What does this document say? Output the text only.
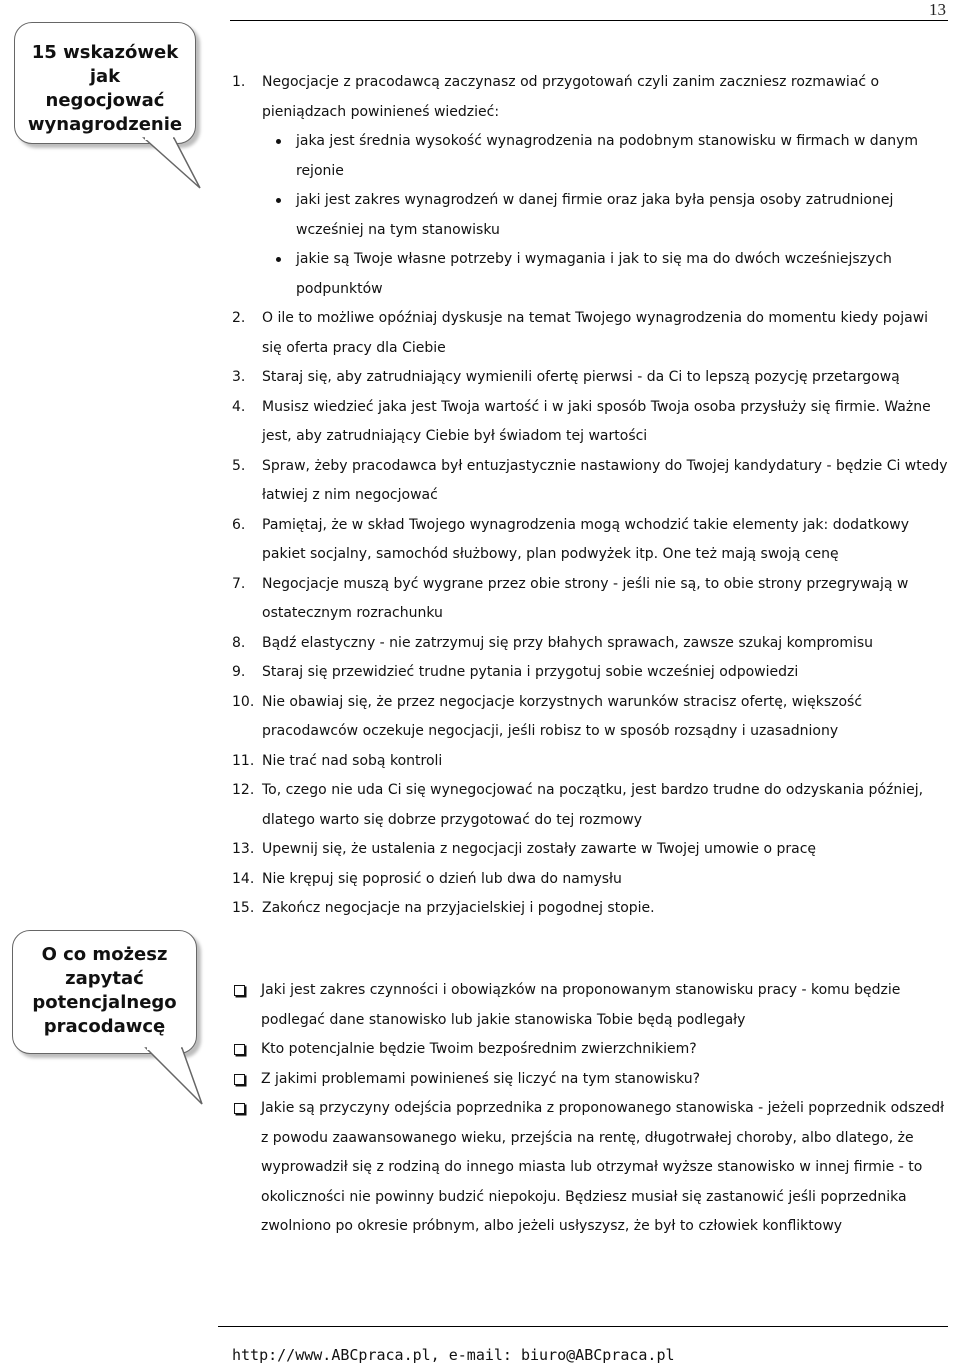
13
15 wskazówek
jak
negocjować
wynagrodzenie
O co możesz
zapytać
potencjalnego
pracodawcę
1. Negocjacje z pracodawcą zaczynasz od przygotowań czyli zanim zaczniesz rozmawiać o pieniądzach powinieneś wiedzieć:
jaka jest średnia wysokość wynagrodzenia na podobnym stanowisku w firmach w danym rejonie
jaki jest zakres wynagrodzeń w danej firmie oraz jaka była pensja osoby zatrudnionej wcześniej na tym stanowisku
jakie są Twoje własne potrzeby i wymagania i jak to się ma do dwóch wcześniejszych podpunktów
2. O ile to możliwe opóźniaj dyskusje na temat Twojego wynagrodzenia do momentu kiedy pojawi się oferta pracy dla Ciebie
3. Staraj się, aby zatrudniający wymienili ofertę pierwsi - da Ci to lepszą pozycję przetargową
4. Musisz wiedzieć jaka jest Twoja wartość i w jaki sposób Twoja osoba przysłuży się firmie. Ważne jest, aby zatrudniający Ciebie był świadom tej wartości
5. Spraw, żeby pracodawca był entuzjastycznie nastawiony do Twojej kandydatury - będzie Ci wtedy łatwiej z nim negocjować
6. Pamiętaj, że w skład Twojego wynagrodzenia mogą wchodzić takie elementy jak: dodatkowy pakiet socjalny, samochód służbowy, plan podwyżek itp. One też mają swoją cenę
7. Negocjacje muszą być wygrane przez obie strony - jeśli nie są, to obie strony przegrywają w ostatecznym rozrachunku
8. Bądź elastyczny - nie zatrzymuj się przy błahych sprawach, zawsze szukaj kompromisu
9. Staraj się przewidzieć trudne pytania i przygotuj sobie wcześniej odpowiedzi
10. Nie obawiaj się, że przez negocjacje korzystnych warunków stracisz ofertę, większość pracodawców oczekuje negocjacji, jeśli robisz to w sposób rozsądny i uzasadniony
11. Nie trać nad sobą kontroli
12. To, czego nie uda Ci się wynegocjować na początku, jest bardzo trudne do odzyskania później, dlatego warto się dobrze przygotować do tej rozmowy
13. Upewnij się, że ustalenia z negocjacji zostały zawarte w Twojej umowie o pracę
14. Nie krępuj się poprosić o dzień lub dwa do namysłu
15. Zakończ negocjacje na przyjacielskiej i pogodnej stopie.
Jaki jest zakres czynności i obowiązków na proponowanym stanowisku pracy - komu będzie podlegać dane stanowisko lub jakie stanowiska Tobie będą podlegały
Kto potencjalnie będzie Twoim bezpośrednim zwierzchnikiem?
Z jakimi problemami powinieneś się liczyć na tym stanowisku?
Jakie są przyczyny odejścia poprzednika z proponowanego stanowiska - jeżeli poprzednik odszedł z powodu zaawansowanego wieku, przejścia na rentę, długotrwałej choroby, albo dlatego, że wyprowadził się z rodziną do innego miasta lub otrzymał wyższe stanowisko w innej firmie - to okoliczności nie powinny budzić niepokoju. Będziesz musiał się zastanowić jeśli poprzednika zwolniono po okresie próbnym, albo jeżeli usłyszysz, że był to człowiek konfliktowy
http://www.ABCpraca.pl, e-mail: biuro@ABCpraca.pl
